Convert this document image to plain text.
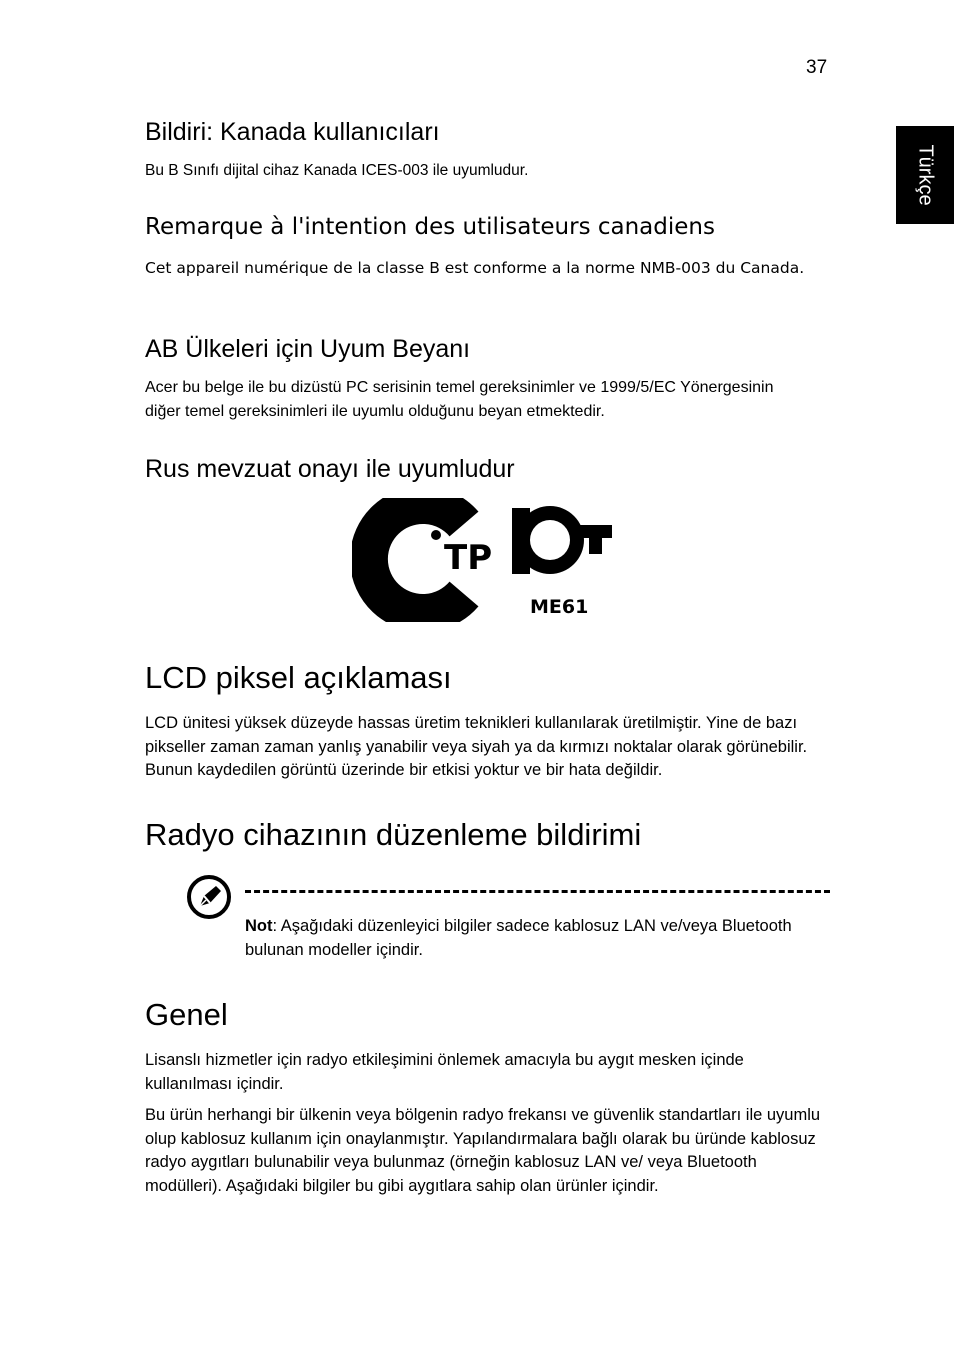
37
Türkçe
Bildiri: Kanada kullanıcıları

Bu B Sınıfı dijital cihaz Kanada ICES-003 ile uyumludur.

Remarque à l'intention des utilisateurs canadiens

Cet appareil numérique de la classe B est conforme a la norme NMB-003 du Canada.

AB Ülkeleri için Uyum Beyanı

Acer bu belge ile bu dizüstü PC serisinin temel gereksinimler ve 1999/5/EC Yönergesinin diğer temel gereksinimleri ile uyumlu olduğunu beyan etmektedir.

Rus mevzuat onayı ile uyumludur
TP
ME61
LCD piksel açıklaması

LCD ünitesi yüksek düzeyde hassas üretim teknikleri kullanılarak üretilmiştir. Yine de bazı pikseller zaman zaman yanlış yanabilir veya siyah ya da kırmızı noktalar olarak görünebilir. Bunun kaydedilen görüntü üzerinde bir etkisi yoktur ve bir hata değildir.

Radyo cihazının düzenleme bildirimi

Not: Aşağıdaki düzenleyici bilgiler sadece kablosuz LAN ve/veya Bluetooth bulunan modeller içindir.

Genel

Lisanslı hizmetler için radyo etkileşimini önlemek amacıyla bu aygıt mesken içinde kullanılması içindir.

Bu ürün herhangi bir ülkenin veya bölgenin radyo frekansı ve güvenlik standartları ile uyumlu olup kablosuz kullanım için onaylanmıştır. Yapılandırmalara bağlı olarak bu üründe kablosuz radyo aygıtları bulunabilir veya bulunmaz (örneğin kablosuz LAN ve/ veya Bluetooth modülleri). Aşağıdaki bilgiler bu gibi aygıtlara sahip olan ürünler içindir.
